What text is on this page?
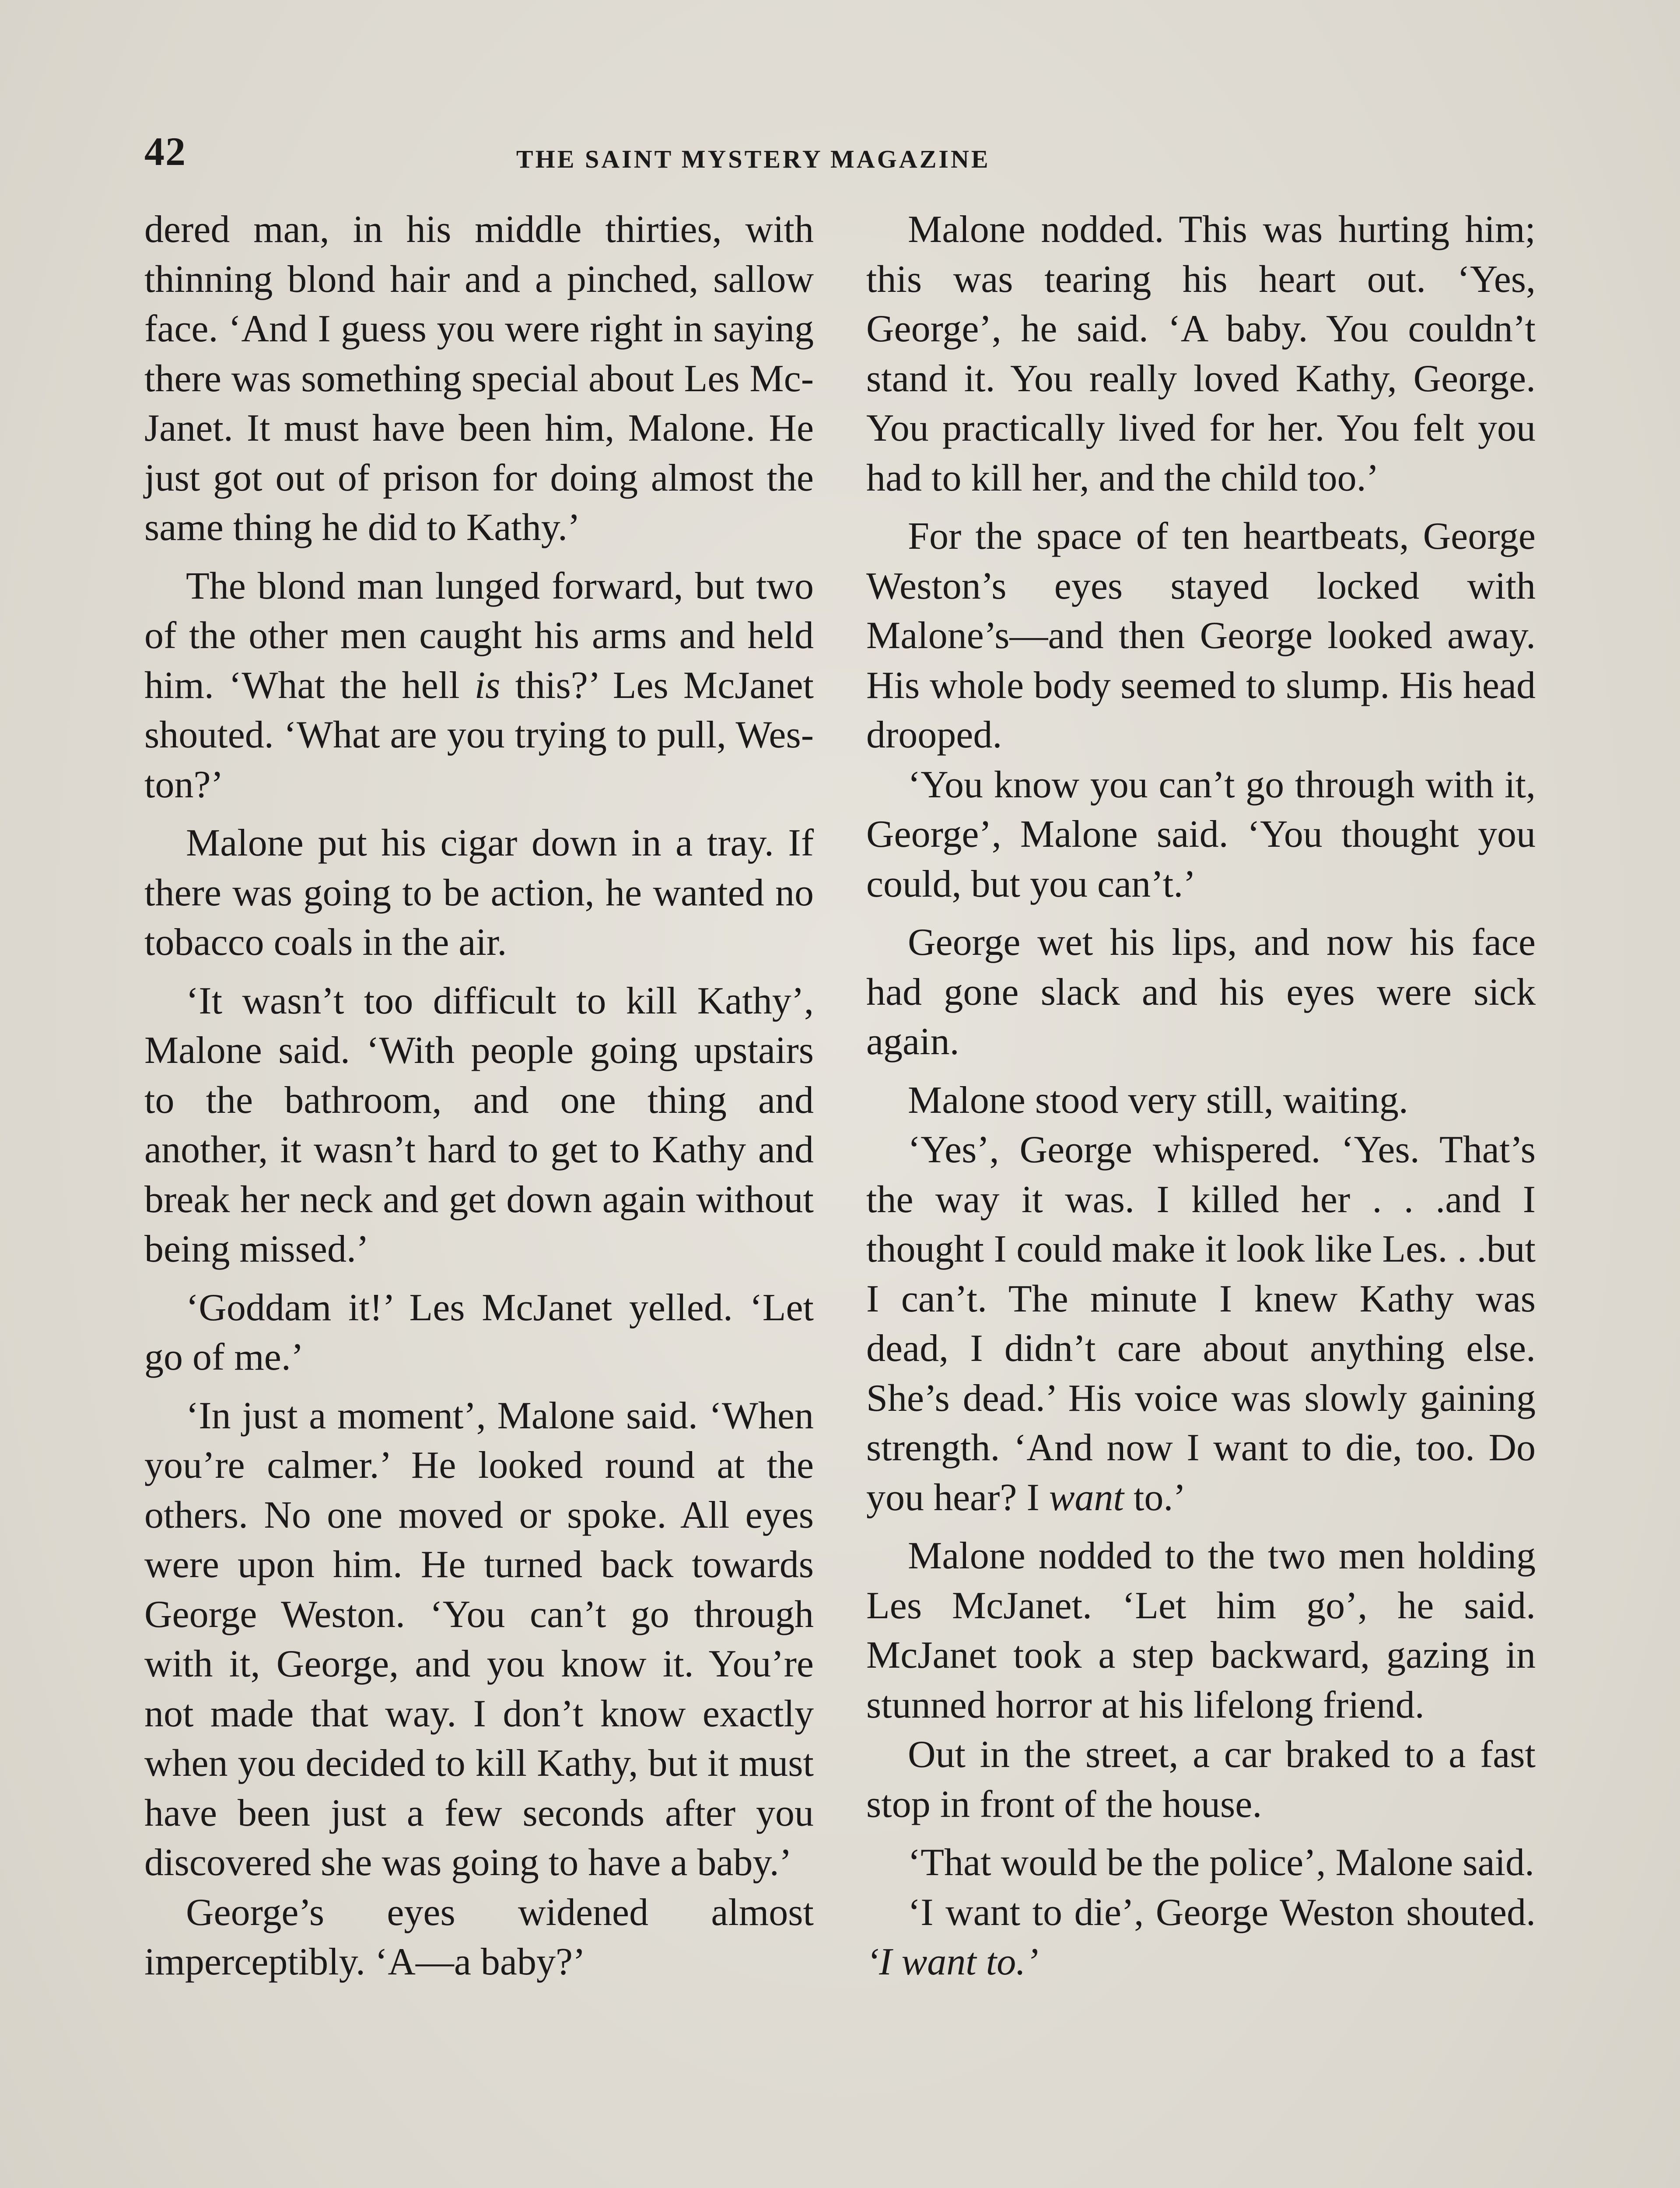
42	THE SAINT MYSTERY MAGAZINE

dered man, in his middle thirties, with thinning blond hair and a pinched, sallow face. ‘And I guess you were right in saying there was something special about Les McJanet. It must have been him, Malone. He just got out of prison for doing almost the same thing he did to Kathy.’

The blond man lunged forward, but two of the other men caught his arms and held him. ‘What the hell is this?’ Les McJanet shouted. ‘What are you trying to pull, Weston?’

Malone put his cigar down in a tray. If there was going to be action, he wanted no tobacco coals in the air.

‘It wasn’t too difficult to kill Kathy’, Malone said. ‘With people going upstairs to the bathroom, and one thing and another, it wasn’t hard to get to Kathy and break her neck and get down again without being missed.’

‘Goddam it!’ Les McJanet yelled. ‘Let go of me.’

‘In just a moment’, Malone said. ‘When you’re calmer.’ He looked round at the others. No one moved or spoke. All eyes were upon him. He turned back towards George Weston. ‘You can’t go through with it, George, and you know it. You’re not made that way. I don’t know exactly when you decided to kill Kathy, but it must have been just a few seconds after you discovered she was going to have a baby.’

George’s eyes widened almost imperceptibly. ‘A—a baby?’

Malone nodded. This was hurting him; this was tearing his heart out. ‘Yes, George’, he said. ‘A baby. You couldn’t stand it. You really loved Kathy, George. You practically lived for her. You felt you had to kill her, and the child too.’

For the space of ten heartbeats, George Weston’s eyes stayed locked with Malone’s—and then George looked away. His whole body seemed to slump. His head drooped.

‘You know you can’t go through with it, George’, Malone said. ‘You thought you could, but you can’t.’

George wet his lips, and now his face had gone slack and his eyes were sick again.

Malone stood very still, waiting.

‘Yes’, George whispered. ‘Yes. That’s the way it was. I killed her . . .and I thought I could make it look like Les. . .but I can’t. The minute I knew Kathy was dead, I didn’t care about anything else. She’s dead.’ His voice was slowly gaining strength. ‘And now I want to die, too. Do you hear? I want to.’

Malone nodded to the two men holding Les McJanet. ‘Let him go’, he said. McJanet took a step backward, gazing in stunned horror at his lifelong friend.

Out in the street, a car braked to a fast stop in front of the house.

‘That would be the police’, Malone said.

‘I want to die’, George Weston shouted. ‘I want to.’
